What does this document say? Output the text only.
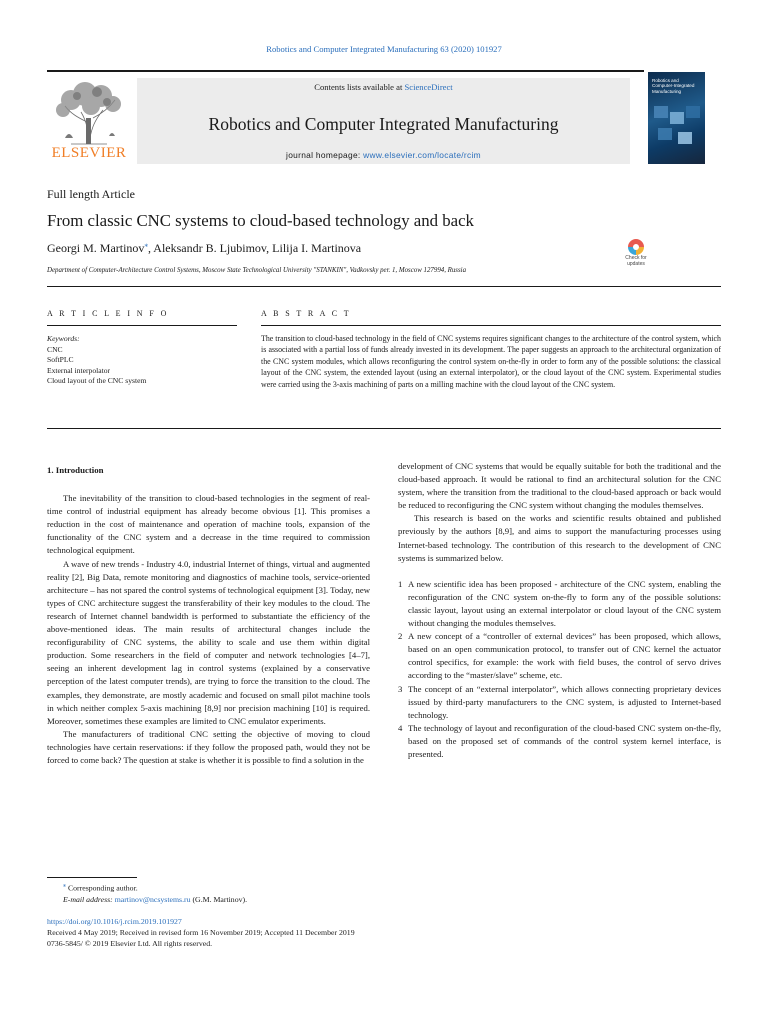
Robotics and Computer Integrated Manufacturing 63 (2020) 101927
ELSEVIER
Contents lists available at ScienceDirect
Robotics and Computer Integrated Manufacturing
journal homepage: www.elsevier.com/locate/rcim
Robotics and Computer-Integrated Manufacturing
Full length Article
From classic CNC systems to cloud-based technology and back
Check for updates
Georgi M. Martinov⁎, Aleksandr B. Ljubimov, Lilija I. Martinova
Department of Computer-Architecture Control Systems, Moscow State Technological University "STANKIN", Vadkovsky per. 1, Moscow 127994, Russia
A R T I C L E I N F O	A B S T R A C T
Keywords:
CNC
SoftPLC
External interpolator
Cloud layout of the CNC system
The transition to cloud-based technology in the field of CNC systems requires significant changes to the architecture of the control system, which is associated with a partial loss of funds already invested in its development. The paper suggests an approach to the architectural organization of the CNC system modules, which allows reconfiguring the control system on-the-fly in order to form any of the possible solutions: the classical layout of the CNC system, the extended layout (using an external interpolator), or the cloud layout of the CNC system. Experimental studies were carried using the 3-axis machining of parts on a milling machine with the cloud layout of the CNC system.
1. Introduction

The inevitability of the transition to cloud-based technologies in the segment of real-time control of industrial equipment has already become obvious [1]. This promises a reduction in the cost of maintenance and operation of machine tools, expansion of the functionality of the CNC system and a decrease in the time required to commission technological equipment.

A wave of new trends - Industry 4.0, industrial Internet of things, virtual and augmented reality [2], Big Data, remote monitoring and diagnostics of machine tools, service-oriented architecture – has not spared the control systems of technological equipment [3]. Today, new types of CNC architecture suggest the transferability of their key modules to the cloud. The research of Internet channel bandwidth is performed to substantiate the efficiency of the above-mentioned ideas. The main results of architectural changes include the reconfigurability of CNC systems, the ability to scale and use them within digital production. Some researchers in the field of computer and network technologies [4–7], seeing an inherent development lag in control systems (explained by a conservative perception of the latest computer trends), are trying to force the transition to the cloud. The examples, they demonstrate, are mostly academic and focused on small pilot machine tools in which neither complex 5-axis machining [8,9] nor precision machining [10] is required. Moreover, sometimes these examples are limited to CNC emulator experiments.

The manufacturers of traditional CNC setting the objective of moving to cloud technologies have certain reservations: if they follow the proposed path, would they not be forced to come back? The question at stake is whether it is possible to find a solution in the

development of CNC systems that would be equally suitable for both the traditional and the cloud-based approach. It would be rational to find an architectural solution for the CNC system, where the transition from the traditional to the cloud-based approach or back would be reduced to reconfiguring the CNC system without changing the modules themselves.

This research is based on the works and scientific results obtained and published previously by the authors [8,9], and aims to support the manufacturing processes using Internet-based technology. The contribution of this research to the development of CNC systems is summarized below.

1 A new scientific idea has been proposed - architecture of the CNC system, enabling the reconfiguration of the CNC system on-the-fly to form any of the possible solutions: classic layout, layout using an external interpolator or cloud layout of the CNC system without changing the modules themselves.
2 A new concept of a “controller of external devices” has been proposed, which allows, based on an open communication protocol, to transfer out of CNC kernel the actuator control specifics, for example: the work with field buses, the control of servo drives according to the “master/slave” scheme, etc.
3 The concept of an “external interpolator”, which allows connecting proprietary devices issued by third-party manufacturers to the CNC system, is adjusted to Internet-based technology.
4 The technology of layout and reconfiguration of the cloud-based CNC system on-the-fly, based on the proposed set of commands of the control system kernel interface, is presented.
⁎ Corresponding author.
E-mail address: martinov@ncsystems.ru (G.M. Martinov).
https://doi.org/10.1016/j.rcim.2019.101927
Received 4 May 2019; Received in revised form 16 November 2019; Accepted 11 December 2019
0736-5845/ © 2019 Elsevier Ltd. All rights reserved.
